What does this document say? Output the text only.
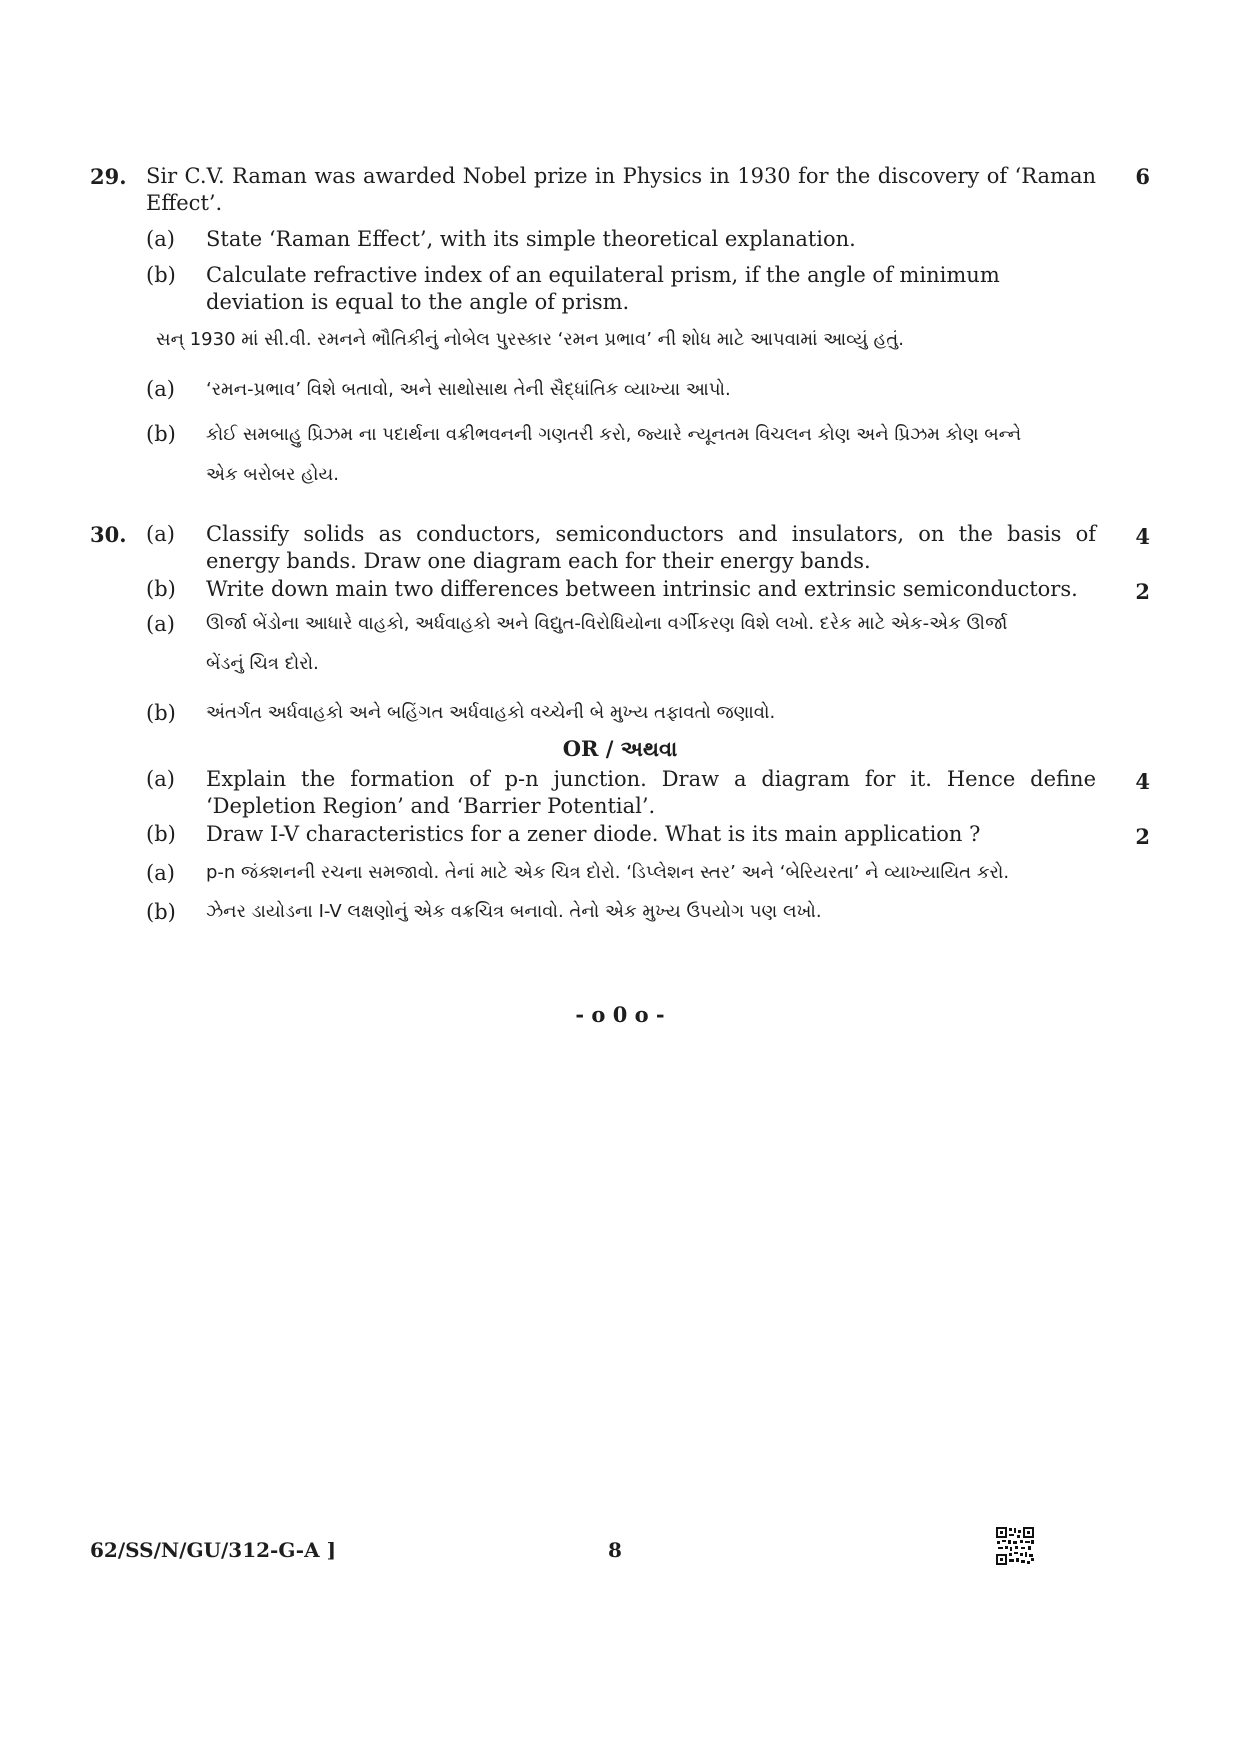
29. Sir C.V. Raman was awarded Nobel prize in Physics in 1930 for the discovery of ‘Raman Effect’.
6
(a) State ‘Raman Effect’, with its simple theoretical explanation.
(b) Calculate refractive index of an equilateral prism, if the angle of minimum deviation is equal to the angle of prism.
સન્ 1930 માં સી.વી. રમનને ભૌતિકીનું નોબેલ પુરસ્કાર ‘રમન પ્રભાવ’ ની શોધ માટે આપવામાં આવ્યું હતું.
(a) ‘રમન-પ્રભાવ’ વિશે બતાવો, અને સાથોસાથ તેની સૈદ્ધાંતિક વ્યાખ્યા આપો.
(b) કોઈ સમબાહુ પ્રિઝમ ના પદાર્થના વક્રીભવનની ગણતરી કરો, જ્યારે ન્યૂનતમ વિચલન કોણ અને પ્રિઝમ કોણ બન્ને
એક બરોબર હોય.
30. (a) Classify solids as conductors, semiconductors and insulators, on the basis of energy bands. Draw one diagram each for their energy bands.
4
(b) Write down main two differences between intrinsic and extrinsic semiconductors.	2
(a) ઊર્જા બેંડોના આધારે વાહકો, અર્ધવાહકો અને વિદ્યુત-વિરોધિયોના વર્ગીકરણ વિશે લખો. દરેક માટે એક-એક ઊર્જા
બેંડનું ચિત્ર દોરો.
(b) અંતર્ગત અર્ધવાહકો અને બહિંગત અર્ધવાહકો વચ્ચેની બે મુખ્ય તફાવતો જણાવો.
OR / અથવા
(a) Explain the formation of p-n junction. Draw a diagram for it. Hence define ‘Depletion Region’ and ‘Barrier Potential’.
4
(b) Draw I-V characteristics for a zener diode. What is its main application ?	2
(a) p-n જંક્શનની રચના સમજાવો. તેનાં માટે એક ચિત્ર દોરો. ‘ડિપ્લેશન સ્તર’ અને ‘બેરિયરતા’ ને વ્યાખ્યાયિત કરો.
(b) ઝેનર ડાયોડના I-V લક્ષણોનું એક વક્રચિત્ર બનાવો. તેનો એક મુખ્ય ઉપયોગ પણ લખો.
- o 0 o -
62/SS/N/GU/312-G-A ]	8
